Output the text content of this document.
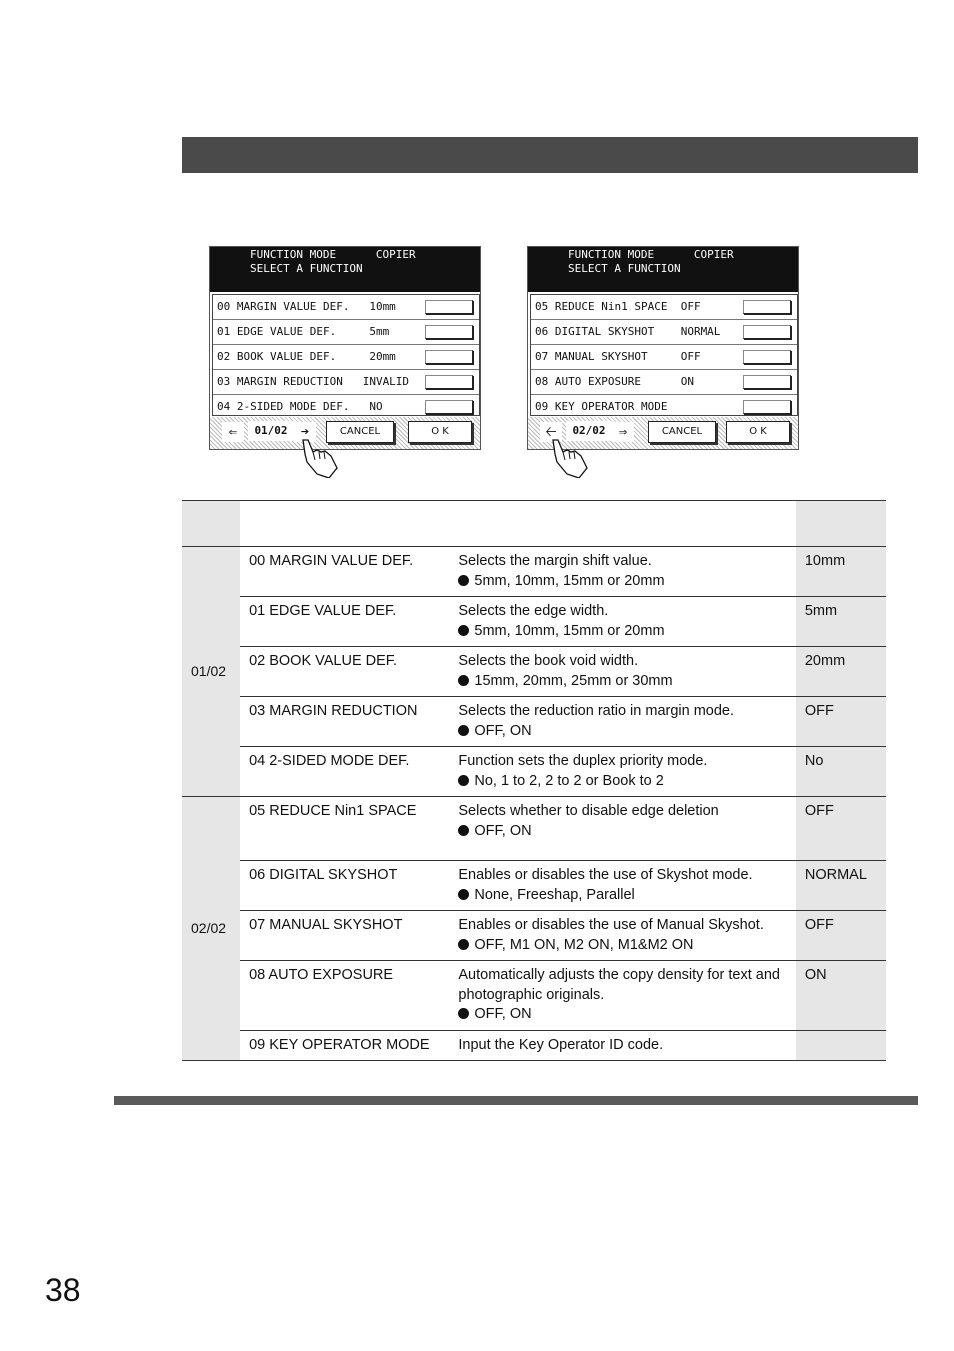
FUNCTION MODE      COPIER
SELECT A FUNCTION
00 MARGIN VALUE DEF.   10mm
01 EDGE VALUE DEF.     5mm
02 BOOK VALUE DEF.     20mm
03 MARGIN REDUCTION   INVALID
04 2-SIDED MODE DEF.   NO
⇐	01/02 ➔	CANCEL	O K
FUNCTION MODE      COPIER
SELECT A FUNCTION
05 REDUCE Nin1 SPACE  OFF
06 DIGITAL SKYSHOT    NORMAL
07 MANUAL SKYSHOT     OFF
08 AUTO EXPOSURE      ON
09 KEY OPERATOR MODE
🡠	02/02 ⇒	CANCEL	O K

01/02	00 MARGIN VALUE DEF.	Selects the margin shift value.
5mm, 10mm, 15mm or 20mm	10mm
	01 EDGE VALUE DEF.	Selects the edge width.
5mm, 10mm, 15mm or 20mm	5mm
	02 BOOK VALUE DEF.	Selects the book void width.
15mm, 20mm, 25mm or 30mm	20mm
	03 MARGIN REDUCTION	Selects the reduction ratio in margin mode.
OFF, ON	OFF
	04 2-SIDED MODE DEF.	Function sets the duplex priority mode.
No, 1 to 2, 2 to 2 or Book to 2	No
02/02	05 REDUCE Nin1 SPACE	Selects whether to disable edge deletion
OFF, ON	OFF
	06 DIGITAL SKYSHOT	Enables or disables the use of Skyshot mode.
None, Freeshap, Parallel	NORMAL
	07 MANUAL SKYSHOT	Enables or disables the use of Manual Skyshot.
OFF, M1 ON, M2 ON, M1&M2 ON	OFF
	08 AUTO EXPOSURE	Automatically adjusts the copy density for text and photographic originals.
OFF, ON	ON
	09 KEY OPERATOR MODE	Input the Key Operator ID code.	
38
